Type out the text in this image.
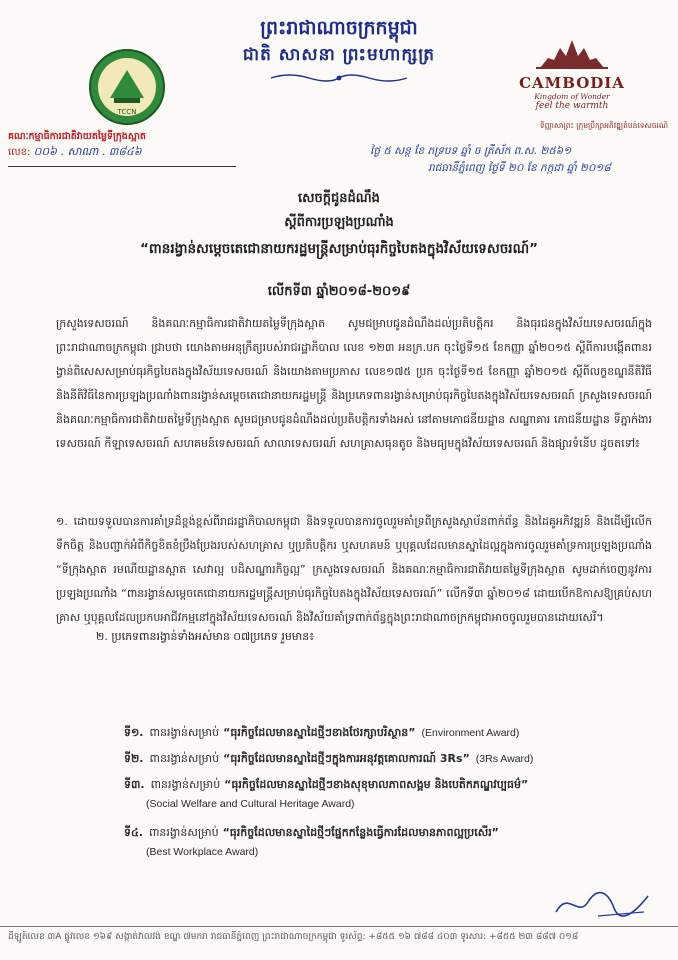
ព្រះរាជាណាចក្រកម្ពុជា
ជាតិ សាសនា ព្រះមហាក្សត្រ
TCCN
CAMBODIA
Kingdom of Wonder
feel the warmth
ទិញ្ញាសាព្រះ ក្រុមប្រឹក្សាអភិវឌ្ឍតំបន់ទេសចរណ៍
គណៈកម្មាធិការជាតិវាយតម្លៃទីក្រុងស្អាត
លេខ: ០០៦ . សាណា . ៣៨៤៦	ថ្ងៃ ៥ សន្ត ខែ ភទ្របទ ឆ្នាំ ច ត្រីស័ក ព.ស. ២៥៦១
រាជធានីភ្នំពេញ ថ្ងៃទី ២០ ខែ កក្កដា ឆ្នាំ ២០១៨
សេចក្តីជូនដំណឹង
ស្តីពីការប្រឡងប្រណាំង
“ពានរង្វាន់សម្តេចតេជោនាយករដ្ឋមន្ត្រីសម្រាប់ធុរកិច្ចបៃតងក្នុងវិស័យទេសចរណ៍”
លើកទី៣ ឆ្នាំ២០១៨-២០១៩
ក្រសួងទេសចរណ៍ និងគណៈកម្មាធិការជាតិវាយតម្លៃទីក្រុងស្អាត សូមជម្រាបជូនដំណឹងដល់ប្រតិបត្តិករ និងធុរជនក្នុងវិស័យទេសចរណ៍ក្នុងព្រះរាជាណាចក្រកម្ពុជា ជ្រាបថា យោងតាមអនុក្រឹត្យរបស់រាជរដ្ឋាភិបាល លេខ ១២៣ អនក្រ.បក ចុះថ្ងៃទី១៥ ខែកញ្ញា ឆ្នាំ២០១៥ ស្តីពីការបង្កើតពានរង្វាន់ពិសេសសម្រាប់ធុរកិច្ចបៃតងក្នុងវិស័យទេសចរណ៍ និងយោងតាមប្រកាស លេខ១៧៥ ប្រក ចុះថ្ងៃទី១៥ ខែកញ្ញា ឆ្នាំ២០១៥ ស្តីពីលក្ខខណ្ឌនីតិវិធី និងនីតិវិធីនៃការប្រឡងប្រណាំងពានរង្វាន់សម្តេចតេជោនាយករដ្ឋមន្ត្រី និងប្រភេទពានរង្វាន់សម្រាប់ធុរកិច្ចបៃតងក្នុងវិស័យទេសចរណ៍ ក្រសួងទេសចរណ៍ និងគណៈកម្មាធិការជាតិវាយតម្លៃទីក្រុងស្អាត សូមជម្រាបជូនដំណឹងដល់ប្រតិបត្តិករទាំងអស់ នៅតាមភោជនីយដ្ឋាន សណ្ឋាគារ ភោជនីយដ្ឋាន ទីភ្នាក់ងារទេសចរណ៍ កីឡាទេសចរណ៍ សហគមន៍ទេសចរណ៍ សាលាទេសចរណ៍ សហគ្រាសធុនតូច និងមធ្យមក្នុងវិស័យទេសចរណ៍ និងផ្សារទំនើប ដូចតទៅ៖
១. ដោយទទួលបានការគាំទ្រដ៏ខ្ពង់ខ្ពស់ពីរាជរដ្ឋាភិបាលកម្ពុជា និងទទួលបានការចូលរួមគាំទ្រពីក្រសួងស្ថាប័នពាក់ព័ន្ធ និងដៃគូអភិវឌ្ឍន៍ និងដើម្បីលើកទឹកចិត្ត និងបញ្ជាក់អំពីកិច្ចខិតខំប្រឹងប្រែងរបស់សហគ្រាស ឬប្រតិបត្តិករ ឬសហគមន៍ ឬបុគ្គលដែលមានស្នាដៃល្អក្នុងការចូលរួមគាំទ្រការប្រឡងប្រណាំង “ទីក្រុងស្អាត រមណីយដ្ឋានស្អាត សេវាល្អ បដិសណ្ឋារកិច្ចល្អ” ក្រសួងទេសចរណ៍ និងគណៈកម្មាធិការជាតិវាយតម្លៃទីក្រុងស្អាត សូមដាក់ចេញនូវការប្រឡងប្រណាំង “ពានរង្វាន់សម្តេចតេជោនាយករដ្ឋមន្ត្រីសម្រាប់ធុរកិច្ចបៃតងក្នុងវិស័យទេសចរណ៍” លើកទី៣ ឆ្នាំ២០១៨ ដោយបើកឱកាសឱ្យគ្រប់សហគ្រាស ឬបុគ្គលដែលប្រកបអាជីវកម្មនៅក្នុងវិស័យទេសចរណ៍ និងវិស័យគាំទ្រពាក់ព័ន្ធក្នុងព្រះរាជាណាចក្រកម្ពុជាអាចចូលរួមបានដោយសេរី។
២. ប្រភេទពានរង្វាន់ទាំងអស់មាន ០៧ប្រភេទ រួមមាន៖
ទី១. ពានរង្វាន់សម្រាប់ “ធុរកិច្ចដែលមានស្នាដៃថ្មីៗខាងថែរក្សាបរិស្ថាន” (Environment Award)
ទី២. ពានរង្វាន់សម្រាប់ “ធុរកិច្ចដែលមានស្នាដៃថ្មីៗក្នុងការអនុវត្តគោលការណ៍ 3Rs” (3Rs Award)
ទី៣. ពានរង្វាន់សម្រាប់ “ធុរកិច្ចដែលមានស្នាដៃថ្មីៗខាងសុខុមាលភាពសង្គម និងបេតិកភណ្ឌវប្បធម៌”
(Social Welfare and Cultural Heritage Award)
ទី៤. ពានរង្វាន់សម្រាប់ “ធុរកិច្ចដែលមានស្នាដៃថ្មីៗផ្នែកកន្លែងធ្វើការដែលមានភាពល្អប្រសើរ”
(Best Workplace Award)
Sig.
ដីឡូត៍លេខ ៣A ផ្លូវលេខ ១៦៩ សង្កាត់វាលវង់ ខណ្ឌ ៧មករា រាជធានីភ្នំពេញ ព្រះរាជាណាចក្រកម្ពុជា ទូរស័ព្ទ: +៨៥៥ ១៦ ៧៨៨ ៤០៣ ទូរសារ: +៨៥៥ ២៣ ៨៨៧ ០១៨
